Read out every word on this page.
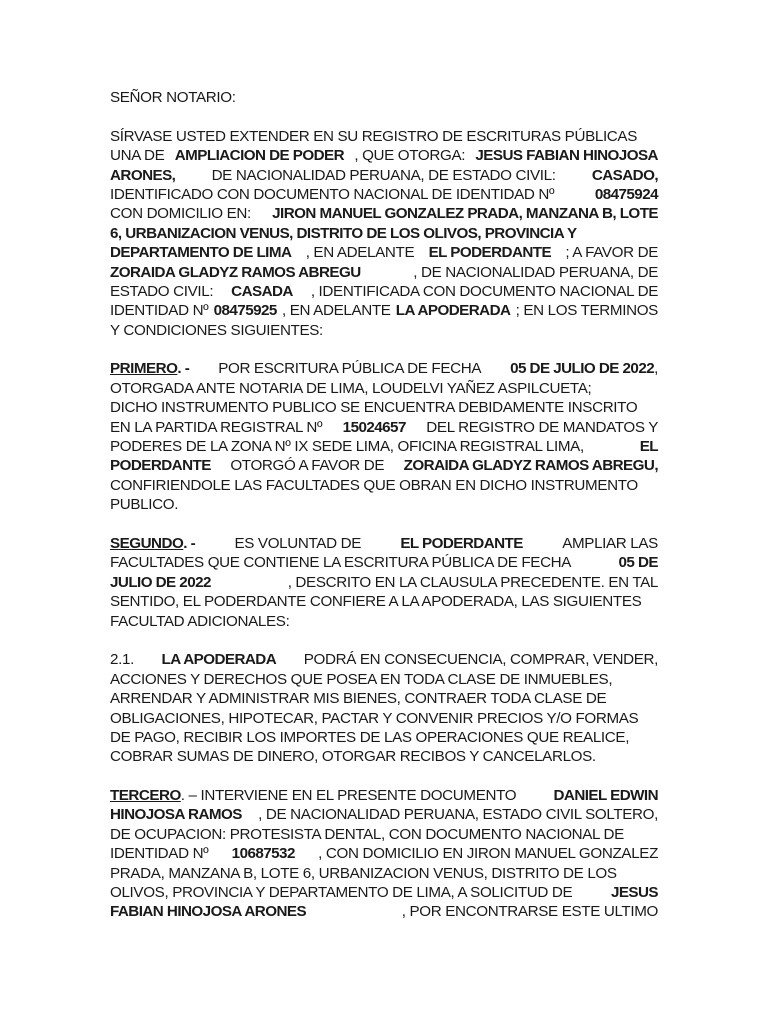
SEÑOR NOTARIO:
SÍRVASE USTED EXTENDER EN SU REGISTRO DE ESCRITURAS PÚBLICAS
UNA DE AMPLIACION DE PODER , QUE OTORGA: JESUS FABIAN HINOJOSA
ARONES, DE NACIONALIDAD PERUANA, DE ESTADO CIVIL: CASADO,
IDENTIFICADO CON DOCUMENTO NACIONAL DE IDENTIDAD Nº	08475924
CON DOMICILIO EN: JIRON MANUEL GONZALEZ PRADA, MANZANA B, LOTE
6, URBANIZACION VENUS, DISTRITO DE LOS OLIVOS, PROVINCIA Y
DEPARTAMENTO DE LIMA , EN ADELANTE EL PODERDANTE ; A FAVOR DE
ZORAIDA GLADYZ RAMOS ABREGU	, DE NACIONALIDAD PERUANA, DE
ESTADO CIVIL: CASADA , IDENTIFICADA CON DOCUMENTO NACIONAL DE
IDENTIDAD Nº 08475925 , EN ADELANTE LA APODERADA ; EN LOS TERMINOS
Y CONDICIONES SIGUIENTES:
PRIMERO. - POR ESCRITURA PÚBLICA DE FECHA 05 DE JULIO DE 2022,
OTORGADA ANTE NOTARIA DE LIMA, LOUDELVI YAÑEZ ASPILCUETA;
DICHO INSTRUMENTO PUBLICO SE ENCUENTRA DEBIDAMENTE INSCRITO
EN LA PARTIDA REGISTRAL Nº 15024657 DEL REGISTRO DE MANDATOS Y
PODERES DE LA ZONA Nº IX SEDE LIMA, OFICINA REGISTRAL LIMA,	EL
PODERDANTE OTORGÓ A FAVOR DE ZORAIDA GLADYZ RAMOS ABREGU,
CONFIRIENDOLE LAS FACULTADES QUE OBRAN EN DICHO INSTRUMENTO
PUBLICO.
SEGUNDO. -	ES VOLUNTAD DE	EL PODERDANTE	AMPLIAR LAS
FACULTADES QUE CONTIENE LA ESCRITURA PÚBLICA DE FECHA	05 DE
JULIO DE 2022	, DESCRITO EN LA CLAUSULA PRECEDENTE. EN TAL
SENTIDO, EL PODERDANTE CONFIERE A LA APODERADA, LAS SIGUIENTES
FACULTAD ADICIONALES:
2.1. LA APODERADA PODRÁ EN CONSECUENCIA, COMPRAR, VENDER,
ACCIONES Y DERECHOS QUE POSEA EN TODA CLASE DE INMUEBLES,
ARRENDAR Y ADMINISTRAR MIS BIENES, CONTRAER TODA CLASE DE
OBLIGACIONES, HIPOTECAR, PACTAR Y CONVENIR PRECIOS Y/O FORMAS
DE PAGO, RECIBIR LOS IMPORTES DE LAS OPERACIONES QUE REALICE,
COBRAR SUMAS DE DINERO, OTORGAR RECIBOS Y CANCELARLOS.
TERCERO. – INTERVIENE EN EL PRESENTE DOCUMENTO DANIEL EDWIN
HINOJOSA RAMOS , DE NACIONALIDAD PERUANA, ESTADO CIVIL SOLTERO,
DE OCUPACION: PROTESISTA DENTAL, CON DOCUMENTO NACIONAL DE
IDENTIDAD Nº 10687532 , CON DOMICILIO EN JIRON MANUEL GONZALEZ
PRADA, MANZANA B, LOTE 6, URBANIZACION VENUS, DISTRITO DE LOS
OLIVOS, PROVINCIA Y DEPARTAMENTO DE LIMA, A SOLICITUD DE	JESUS
FABIAN HINOJOSA ARONES	, POR ENCONTRARSE ESTE ULTIMO
